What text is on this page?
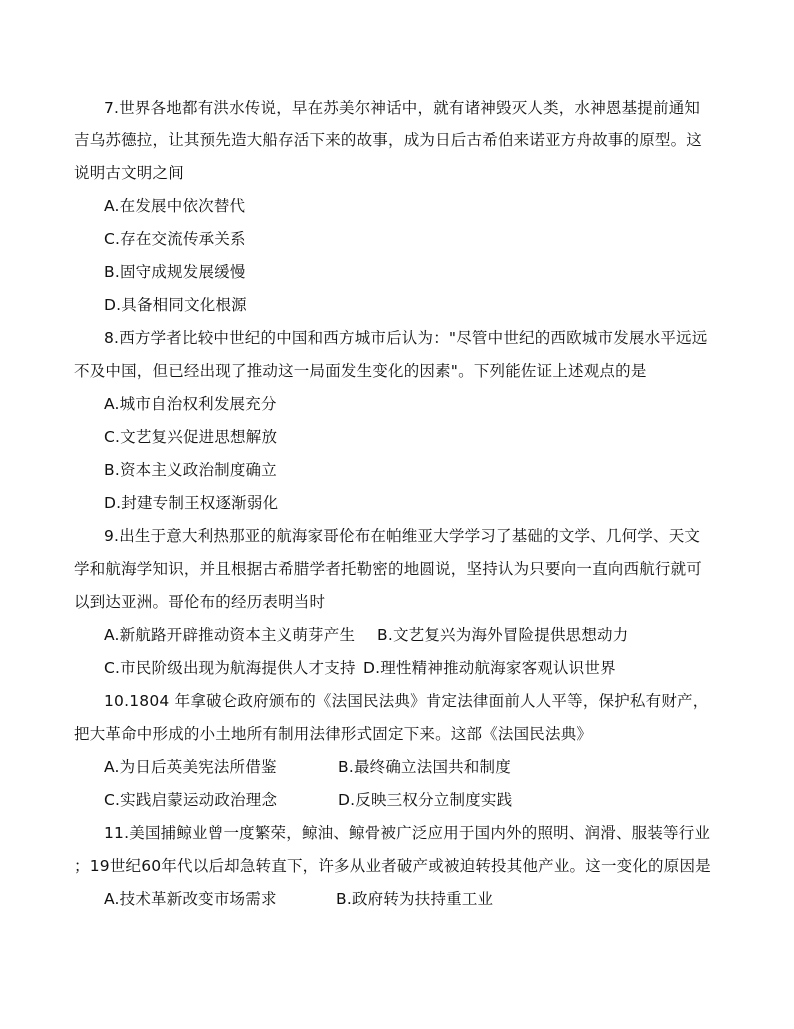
7.世界各地都有洪水传说，早在苏美尔神话中，就有诸神毁灭人类，水神恩基提前通知
吉乌苏德拉，让其预先造大船存活下来的故事，成为日后古希伯来诺亚方舟故事的原型。这
说明古文明之间
A.在发展中依次替代
C.存在交流传承关系
B.固守成规发展缓慢
D.具备相同文化根源
8.西方学者比较中世纪的中国和西方城市后认为："尽管中世纪的西欧城市发展水平远远
不及中国，但已经出现了推动这一局面发生变化的因素"。下列能佐证上述观点的是
A.城市自治权利发展充分
C.文艺复兴促进思想解放
B.资本主义政治制度确立
D.封建专制王权逐渐弱化
9.出生于意大利热那亚的航海家哥伦布在帕维亚大学学习了基础的文学、几何学、天文
学和航海学知识，并且根据古希腊学者托勒密的地圆说，坚持认为只要向一直向西航行就可
以到达亚洲。哥伦布的经历表明当时
A.新航路开辟推动资本主义萌芽产生 B.文艺复兴为海外冒险提供思想动力
C.市民阶级出现为航海提供人才支持 D.理性精神推动航海家客观认识世界
10.1804 年拿破仑政府颁布的《法国民法典》肯定法律面前人人平等，保护私有财产，
把大革命中形成的小土地所有制用法律形式固定下来。这部《法国民法典》
A.为日后英美宪法所借鉴	B.最终确立法国共和制度
C.实践启蒙运动政治理念	D.反映三权分立制度实践
11.美国捕鲸业曾一度繁荣，鲸油、鲸骨被广泛应用于国内外的照明、润滑、服装等行业
；19世纪60年代以后却急转直下，许多从业者破产或被迫转投其他产业。这一变化的原因是
A.技术革新改变市场需求	B.政府转为扶持重工业
